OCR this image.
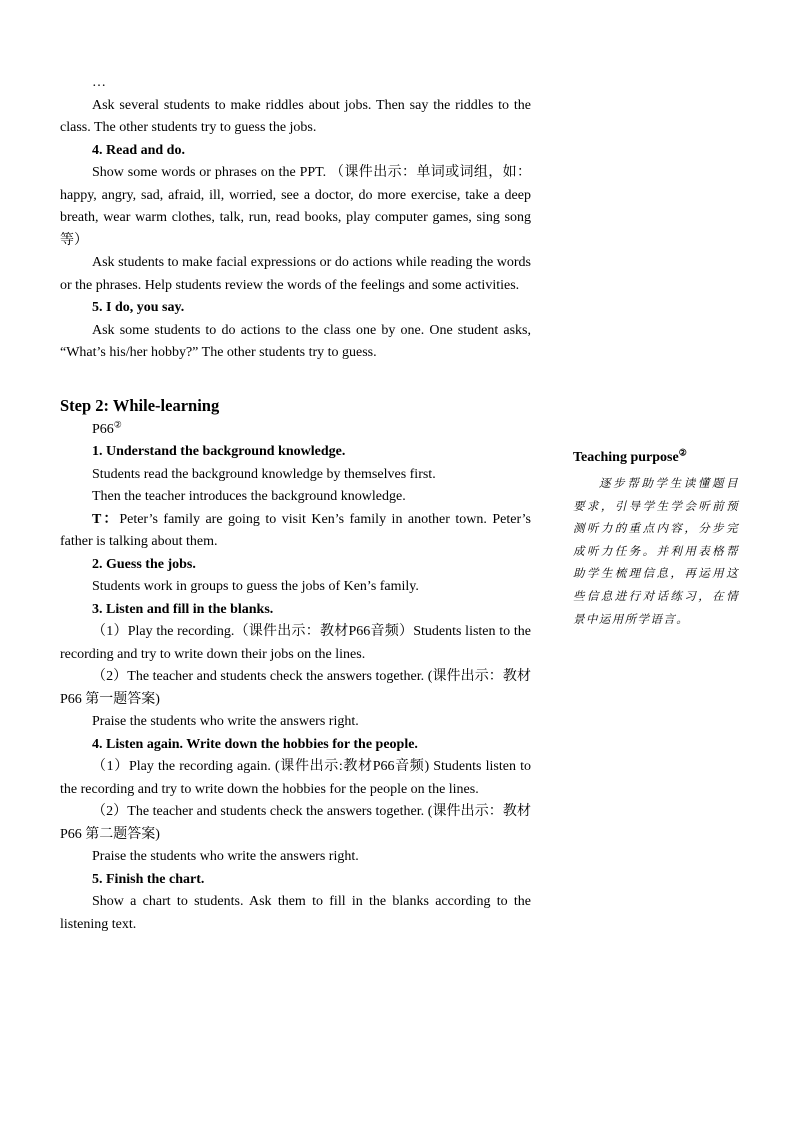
…

Ask several students to make riddles about jobs. Then say the riddles to the class. The other students try to guess the jobs.

4. Read and do.

Show some words or phrases on the PPT. （课件出示：单词或词组，如：happy, angry, sad, afraid, ill, worried, see a doctor, do more exercise, take a deep breath, wear warm clothes, talk, run, read books, play computer games, sing song等）

Ask students to make facial expressions or do actions while reading the words or the phrases. Help students review the words of the feelings and some activities.

5. I do, you say.

Ask some students to do actions to the class one by one. One student asks, “What’s his/her hobby?” The other students try to guess.

Step 2: While-learning

P66②

1. Understand the background knowledge.

Students read the background knowledge by themselves first.

Then the teacher introduces the background knowledge.

T：Peter’s family are going to visit Ken’s family in another town. Peter’s father is talking about them.

2. Guess the jobs.

Students work in groups to guess the jobs of Ken’s family.

3. Listen and fill in the blanks.

（1）Play the recording.（课件出示：教材P66音频）Students listen to the recording and try to write down their jobs on the lines.

（2）The teacher and students check the answers together. (课件出示：教材P66 第一题答案)

Praise the students who write the answers right.

4. Listen again. Write down the hobbies for the people.

（1）Play the recording again. (课件出示:教材P66音频) Students listen to the recording and try to write down the hobbies for the people on the lines.

（2）The teacher and students check the answers together. (课件出示：教材P66 第二题答案)

Praise the students who write the answers right.

5. Finish the chart.

Show a chart to students. Ask them to fill in the blanks according to the listening text.

Teaching purpose②

逐步帮助学生读懂题目要求，引导学生学会听前预测听力的重点内容，分步完成听力任务。并利用表格帮助学生梳理信息，再运用这些信息进行对话练习，在情景中运用所学语言。
